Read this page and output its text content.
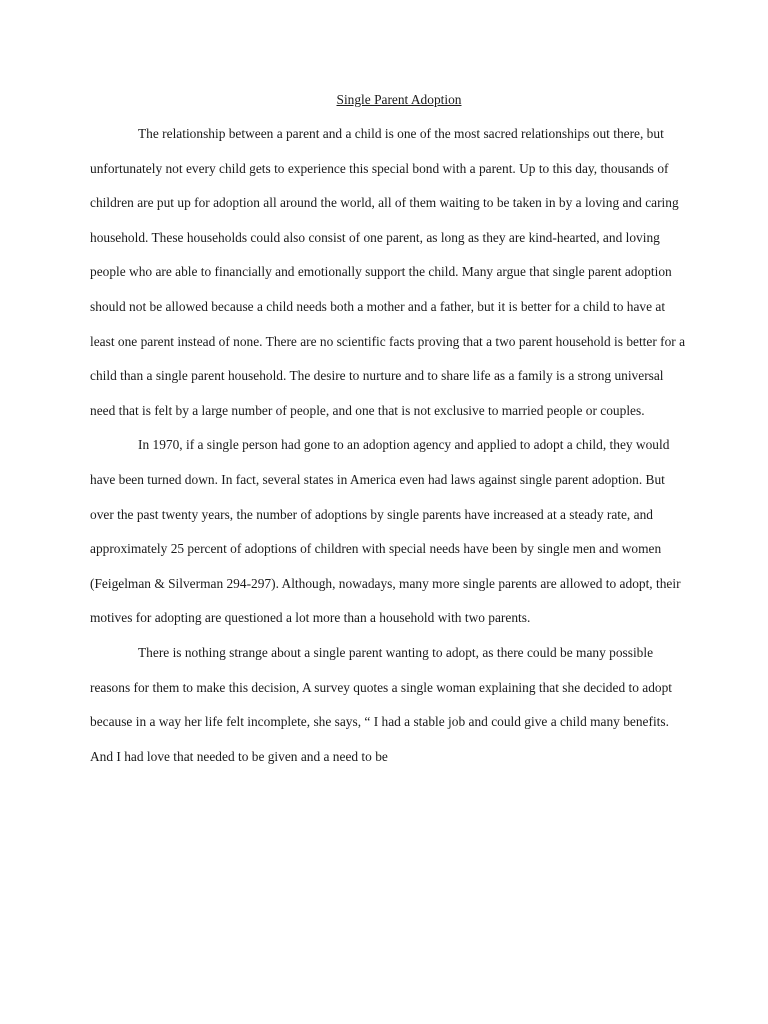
Single Parent Adoption

The relationship between a parent and a child is one of the most sacred relationships out there, but unfortunately not every child gets to experience this special bond with a parent. Up to this day, thousands of children are put up for adoption all around the world, all of them waiting to be taken in by a loving and caring household. These households could also consist of one parent, as long as they are kind-hearted, and loving people who are able to financially and emotionally support the child. Many argue that single parent adoption should not be allowed because a child needs both a mother and a father, but it is better for a child to have at least one parent instead of none. There are no scientific facts proving that a two parent household is better for a child than a single parent household. The desire to nurture and to share life as a family is a strong universal need that is felt by a large number of people, and one that is not exclusive to married people or couples.

In 1970, if a single person had gone to an adoption agency and applied to adopt a child, they would have been turned down. In fact, several states in America even had laws against single parent adoption. But over the past twenty years, the number of adoptions by single parents have increased at a steady rate, and approximately 25 percent of adoptions of children with special needs have been by single men and women (Feigelman & Silverman 294-297). Although, nowadays, many more single parents are allowed to adopt, their motives for adopting are questioned a lot more than a household with two parents.

There is nothing strange about a single parent wanting to adopt, as there could be many possible reasons for them to make this decision, A survey quotes a single woman explaining that she decided to adopt because in a way her life felt incomplete, she says, “ I had a stable job and could give a child many benefits. And I had love that needed to be given and a need to be
